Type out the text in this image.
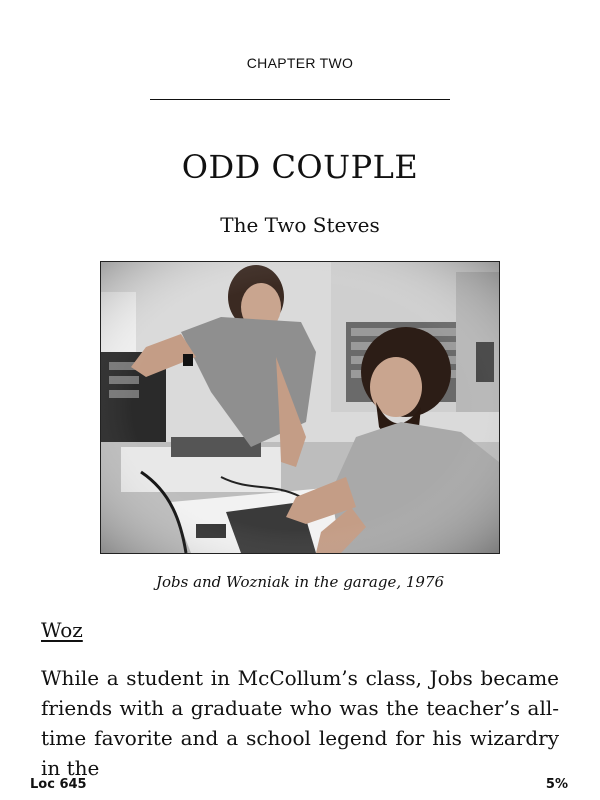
CHAPTER TWO
ODD COUPLE
The Two Steves
Jobs and Wozniak in the garage, 1976
Woz
While a student in McCollum’s class, Jobs became friends with a graduate who was the teacher’s all-time favorite and a school legend for his wizardry in the
Loc 645	5%
